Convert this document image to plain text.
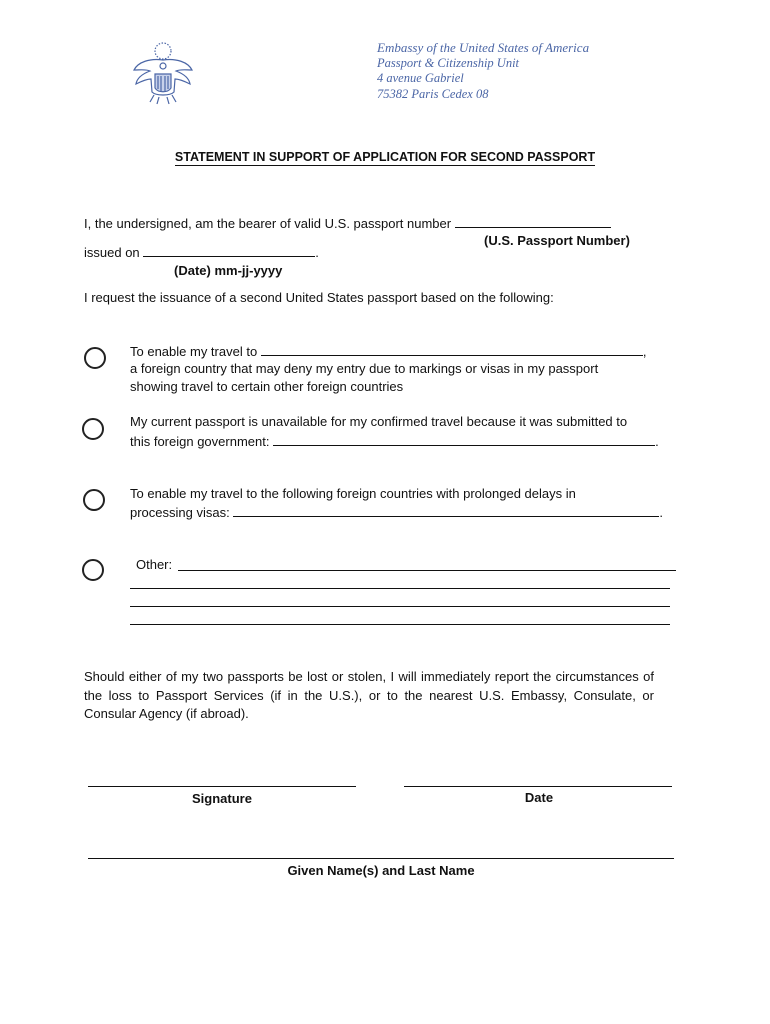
Embassy of the United States of America
Passport & Citizenship Unit
4 avenue Gabriel
75382 Paris Cedex 08
STATEMENT IN SUPPORT OF APPLICATION FOR SECOND PASSPORT
I, the undersigned, am the bearer of valid U.S. passport number
(U.S. Passport Number)
issued on	.
(Date) mm-jj-yyyy
I request the issuance of a second United States passport based on the following:
To enable my travel to	,
a foreign country that may deny my entry due to markings or visas in my passport
showing travel to certain other foreign countries
My current passport is unavailable for my confirmed travel because it was submitted to
this foreign government:	.
To enable my travel to the following foreign countries with prolonged delays in
processing visas:	.
Other:
Should either of my two passports be lost or stolen, I will immediately report the circumstances of the loss to Passport Services (if in the U.S.), or to the nearest U.S. Embassy, Consulate, or Consular Agency (if abroad).
Signature	Date
Given Name(s) and Last Name
